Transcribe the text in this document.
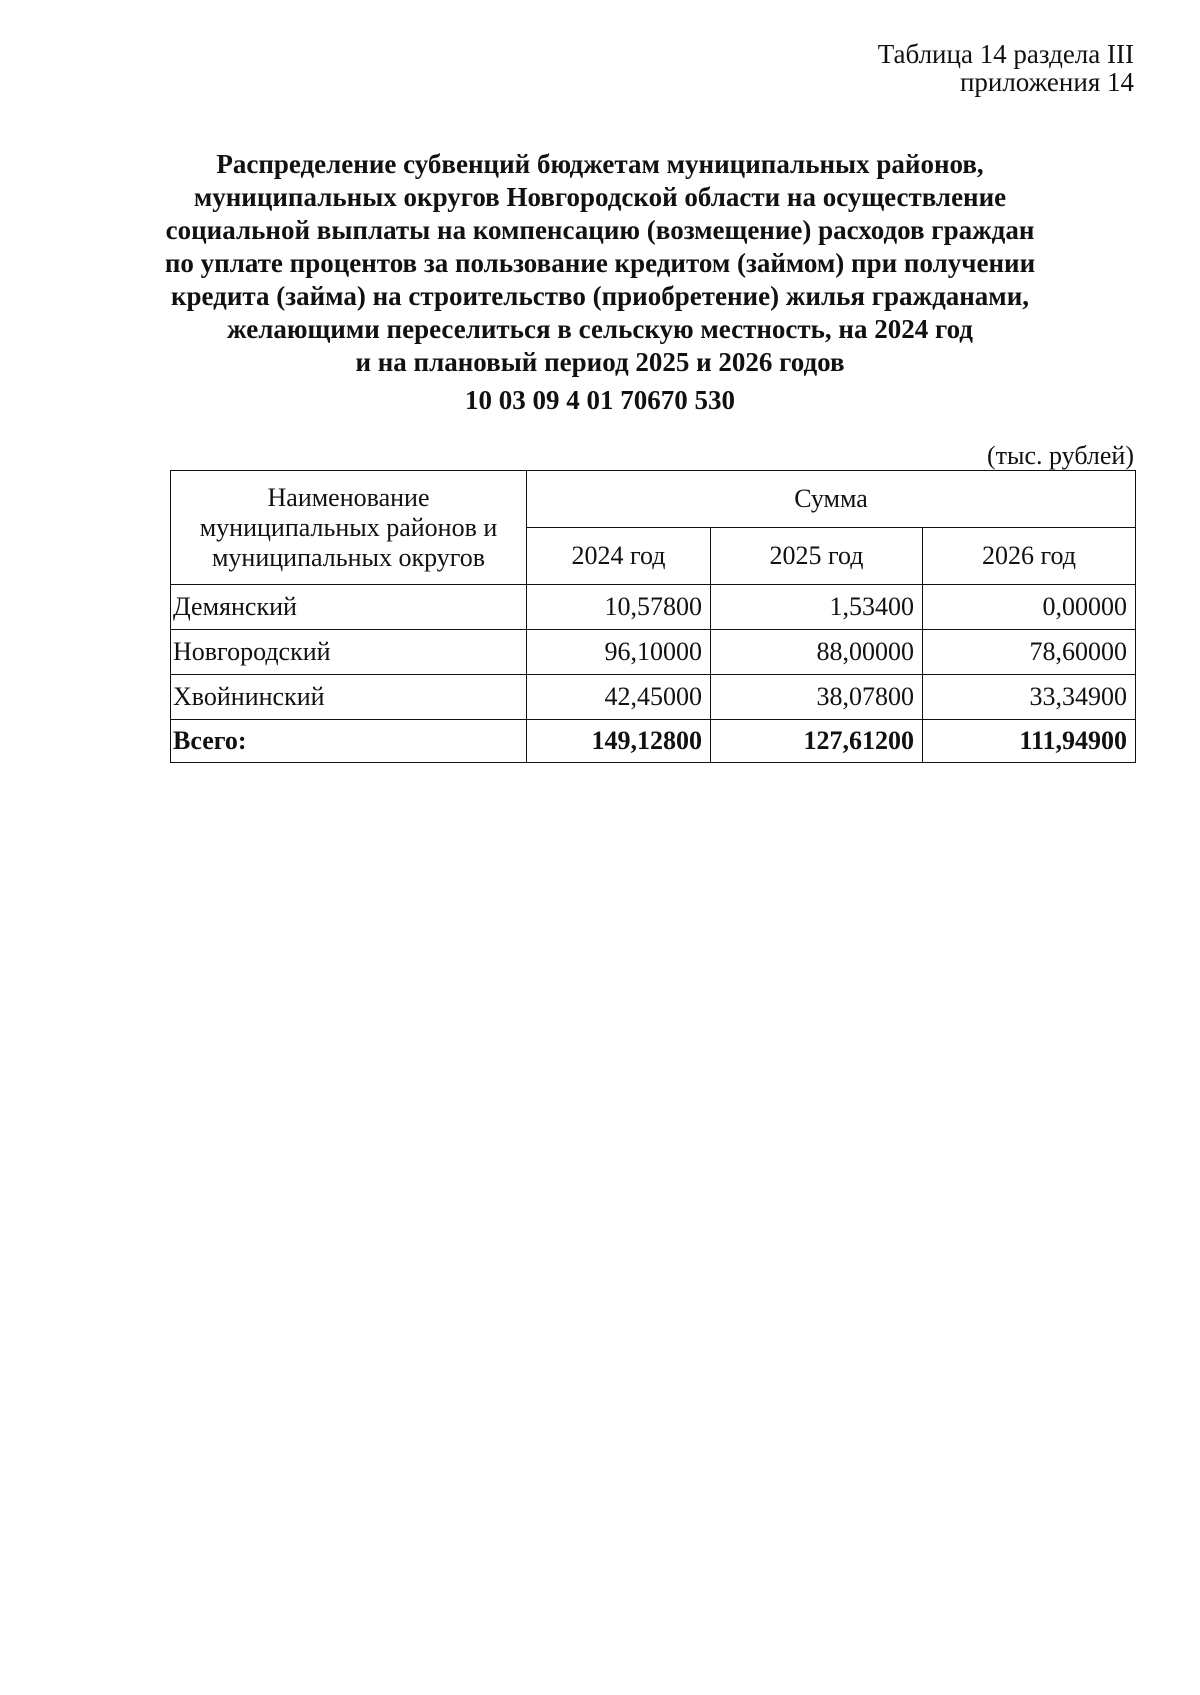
Таблица 14 раздела III
приложения 14
Распределение субвенций бюджетам муниципальных районов,
муниципальных округов Новгородской области на осуществление
социальной выплаты на компенсацию (возмещение) расходов граждан
по уплате процентов за пользование кредитом (займом) при получении
кредита (займа) на строительство (приобретение) жилья гражданами,
желающими переселиться в сельскую местность, на 2024 год
и на плановый период 2025 и 2026 годов
10 03 09 4 01 70670 530
(тыс. рублей)
Наименование муниципальных районов и муниципальных округов	Сумма		
	2024 год	2025 год	2026 год
Демянский	10,57800	1,53400	0,00000
Новгородский	96,10000	88,00000	78,60000
Хвойнинский	42,45000	38,07800	33,34900
Всего:	149,12800	127,61200	111,94900
